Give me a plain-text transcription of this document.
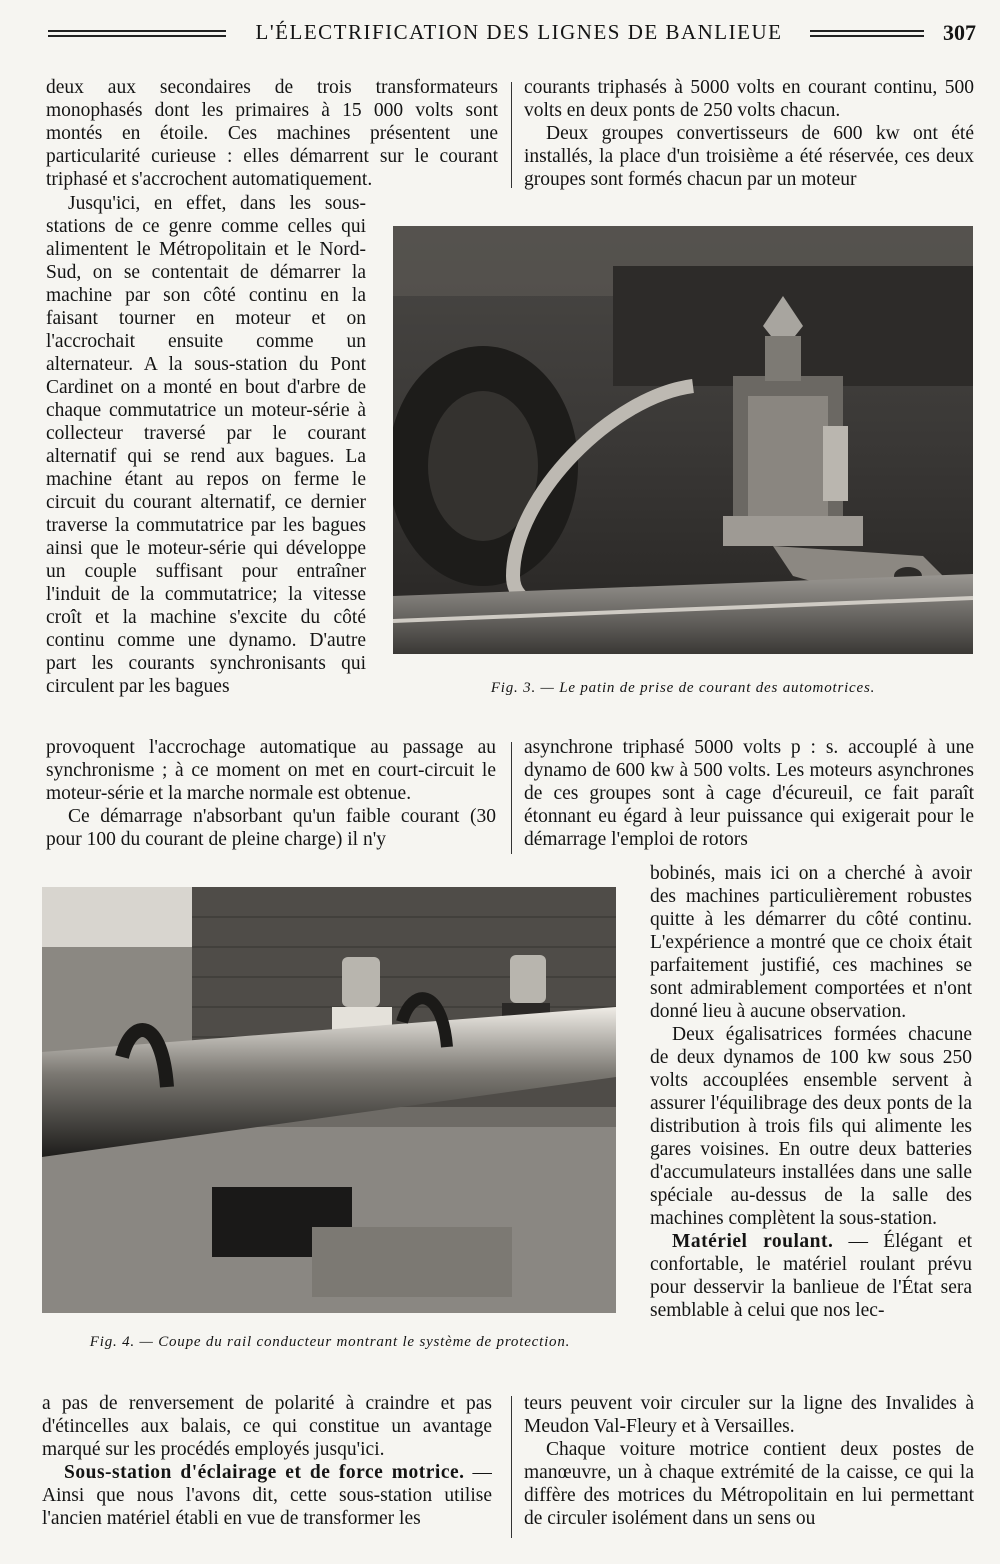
L'ÉLECTRIFICATION DES LIGNES DE BANLIEUE	307

deux aux secondaires de trois transformateurs monophasés dont les primaires à 15 000 volts sont montés en étoile. Ces machines présentent une particularité curieuse : elles démarrent sur le courant triphasé et s'accrochent automatiquement.

Jusqu'ici, en effet, dans les sous-stations de ce genre comme celles qui alimentent le Métropolitain et le Nord-Sud, on se contentait de démarrer la machine par son côté continu en la faisant tourner en moteur et on l'accrochait ensuite comme un alternateur. A la sous-station du Pont Cardinet on a monté en bout d'arbre de chaque commutatrice un moteur-série à collecteur traversé par le courant alternatif qui se rend aux bagues. La machine étant au repos on ferme le circuit du courant alternatif, ce dernier traverse la commutatrice par les bagues ainsi que le moteur-série qui développe un couple suffisant pour entraîner l'induit de la commutatrice; la vitesse croît et la machine s'excite du côté continu comme une dynamo. D'autre part les courants synchronisants qui circulent par les bagues

provoquent l'accrochage automatique au passage au synchronisme ; à ce moment on met en court-circuit le moteur-série et la marche normale est obtenue.

Ce démarrage n'absorbant qu'un faible courant (30 pour 100 du courant de pleine charge) il n'y

courants triphasés à 5000 volts en courant continu, 500 volts en deux ponts de 250 volts chacun.

Deux groupes convertisseurs de 600 kw ont été installés, la place d'un troisième a été réservée, ces deux groupes sont formés chacun par un moteur

Fig. 3. — Le patin de prise de courant des automotrices.

asynchrone triphasé 5000 volts p : s. accouplé à une dynamo de 600 kw à 500 volts. Les moteurs asynchrones de ces groupes sont à cage d'écureuil, ce fait paraît étonnant eu égard à leur puissance qui exigerait pour le démarrage l'emploi de rotors

Fig. 4. — Coupe du rail conducteur montrant le système de protection.

bobinés, mais ici on a cherché à avoir des machines particulièrement robustes quitte à les démarrer du côté continu. L'expérience a montré que ce choix était parfaitement justifié, ces machines se sont admirablement comportées et n'ont donné lieu à aucune observation.

Deux égalisatrices formées chacune de deux dynamos de 100 kw sous 250 volts accouplées ensemble servent à assurer l'équilibrage des deux ponts de la distribution à trois fils qui alimente les gares voisines. En outre deux batteries d'accumulateurs installées dans une salle spéciale au-dessus de la salle des machines complètent la sous-station.

Matériel roulant. — Élégant et confortable, le matériel roulant prévu pour desservir la banlieue de l'État sera semblable à celui que nos lec-

a pas de renversement de polarité à craindre et pas d'étincelles aux balais, ce qui constitue un avantage marqué sur les procédés employés jusqu'ici.

Sous-station d'éclairage et de force motrice. — Ainsi que nous l'avons dit, cette sous-station utilise l'ancien matériel établi en vue de transformer les

teurs peuvent voir circuler sur la ligne des Invalides à Meudon Val-Fleury et à Versailles.

Chaque voiture motrice contient deux postes de manœuvre, un à chaque extrémité de la caisse, ce qui la diffère des motrices du Métropolitain en lui permettant de circuler isolément dans un sens ou
